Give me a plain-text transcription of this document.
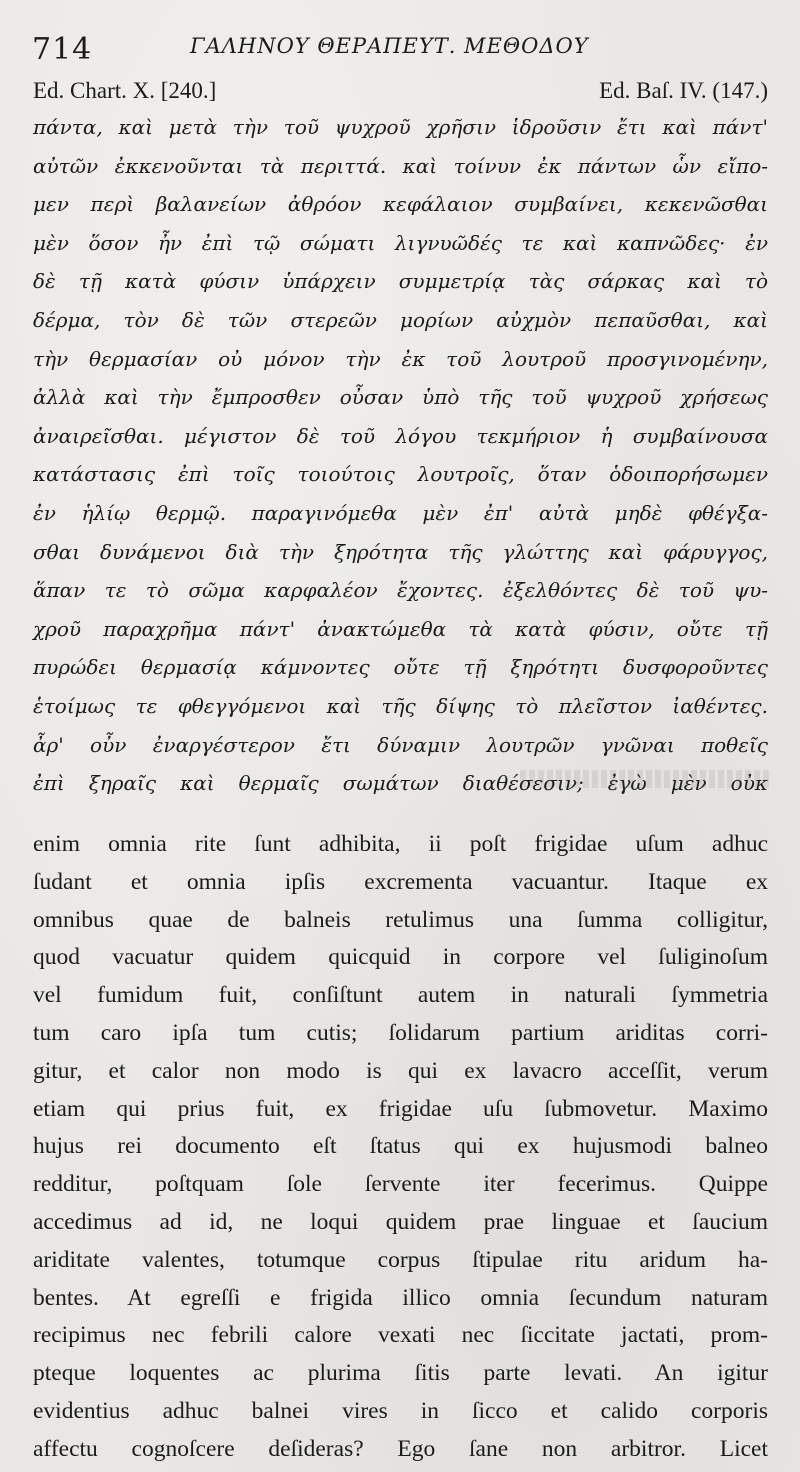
714	ΓΑΛΗΝΟΥ ΘΕΡΑΠΕΥΤ. ΜΕΘΟΔΟΥ
Ed. Chart. X. [240.]	Ed. Baſ. IV. (147.)
πάντα, καὶ μετὰ τὴν τοῦ ψυχροῦ χρῆσιν ἱδροῦσιν ἔτι καὶ πάντ'
αὐτῶν ἐκκενοῦνται τὰ περιττά. καὶ τοίνυν ἐκ πάντων ὧν εἴπο-
μεν περὶ βαλανείων ἀθρόον κεφάλαιον συμβαίνει, κεκενῶσθαι
μὲν ὅσον ἦν ἐπὶ τῷ σώματι λιγνυῶδές τε καὶ καπνῶδες· ἐν
δὲ τῇ κατὰ φύσιν ὑπάρχειν συμμετρίᾳ τὰς σάρκας καὶ τὸ
δέρμα, τὸν δὲ τῶν στερεῶν μορίων αὐχμὸν πεπαῦσθαι, καὶ
τὴν θερμασίαν οὐ μόνον τὴν ἐκ τοῦ λουτροῦ προσγινομένην,
ἀλλὰ καὶ τὴν ἔμπροσθεν οὖσαν ὑπὸ τῆς τοῦ ψυχροῦ χρήσεως
ἀναιρεῖσθαι. μέγιστον δὲ τοῦ λόγου τεκμήριον ἡ συμβαίνουσα
κατάστασις ἐπὶ τοῖς τοιούτοις λουτροῖς, ὅταν ὁδοιπορήσωμεν
ἐν ἡλίῳ θερμῷ. παραγινόμεθα μὲν ἐπ' αὐτὰ μηδὲ φθέγξα-
σθαι δυνάμενοι διὰ τὴν ξηρότητα τῆς γλώττης καὶ φάρυγγος,
ἅπαν τε τὸ σῶμα καρφαλέον ἔχοντες. ἐξελθόντες δὲ τοῦ ψυ-
χροῦ παραχρῆμα πάντ' ἀνακτώμεθα τὰ κατὰ φύσιν, οὔτε τῇ
πυρώδει θερμασίᾳ κάμνοντες οὔτε τῇ ξηρότητι δυσφοροῦντες
ἑτοίμως τε φθεγγόμενοι καὶ τῆς δίψης τὸ πλεῖστον ἰαθέντες.
ἆρ' οὖν ἐναργέστερον ἔτι δύναμιν λουτρῶν γνῶναι ποθεῖς
ἐπὶ ξηραῖς καὶ θερμαῖς σωμάτων διαθέσεσιν; ἐγὼ μὲν οὐκ
enim omnia rite ſunt adhibita, ii poſt frigidae uſum adhuc
ſudant et omnia ipſis excrementa vacuantur. Itaque ex
omnibus quae de balneis retulimus una ſumma colligitur,
quod vacuatur quidem quicquid in corpore vel ſuliginoſum
vel fumidum fuit, conſiſtunt autem in naturali ſymmetria
tum caro ipſa tum cutis; ſolidarum partium ariditas corri-
gitur, et calor non modo is qui ex lavacro acceſſit, verum
etiam qui prius fuit, ex frigidae uſu ſubmovetur. Maximo
hujus rei documento eſt ſtatus qui ex hujusmodi balneo
redditur, poſtquam ſole ſervente iter fecerimus. Quippe
accedimus ad id, ne loqui quidem prae linguae et ſaucium
ariditate valentes, totumque corpus ſtipulae ritu aridum ha-
bentes. At egreſſi e frigida illico omnia ſecundum naturam
recipimus nec febrili calore vexati nec ſiccitate jactati, prom-
pteque loquentes ac plurima ſitis parte levati. An igitur
evidentius adhuc balnei vires in ſicco et calido corporis
affectu cognoſcere deſideras? Ego ſane non arbitror. Licet
